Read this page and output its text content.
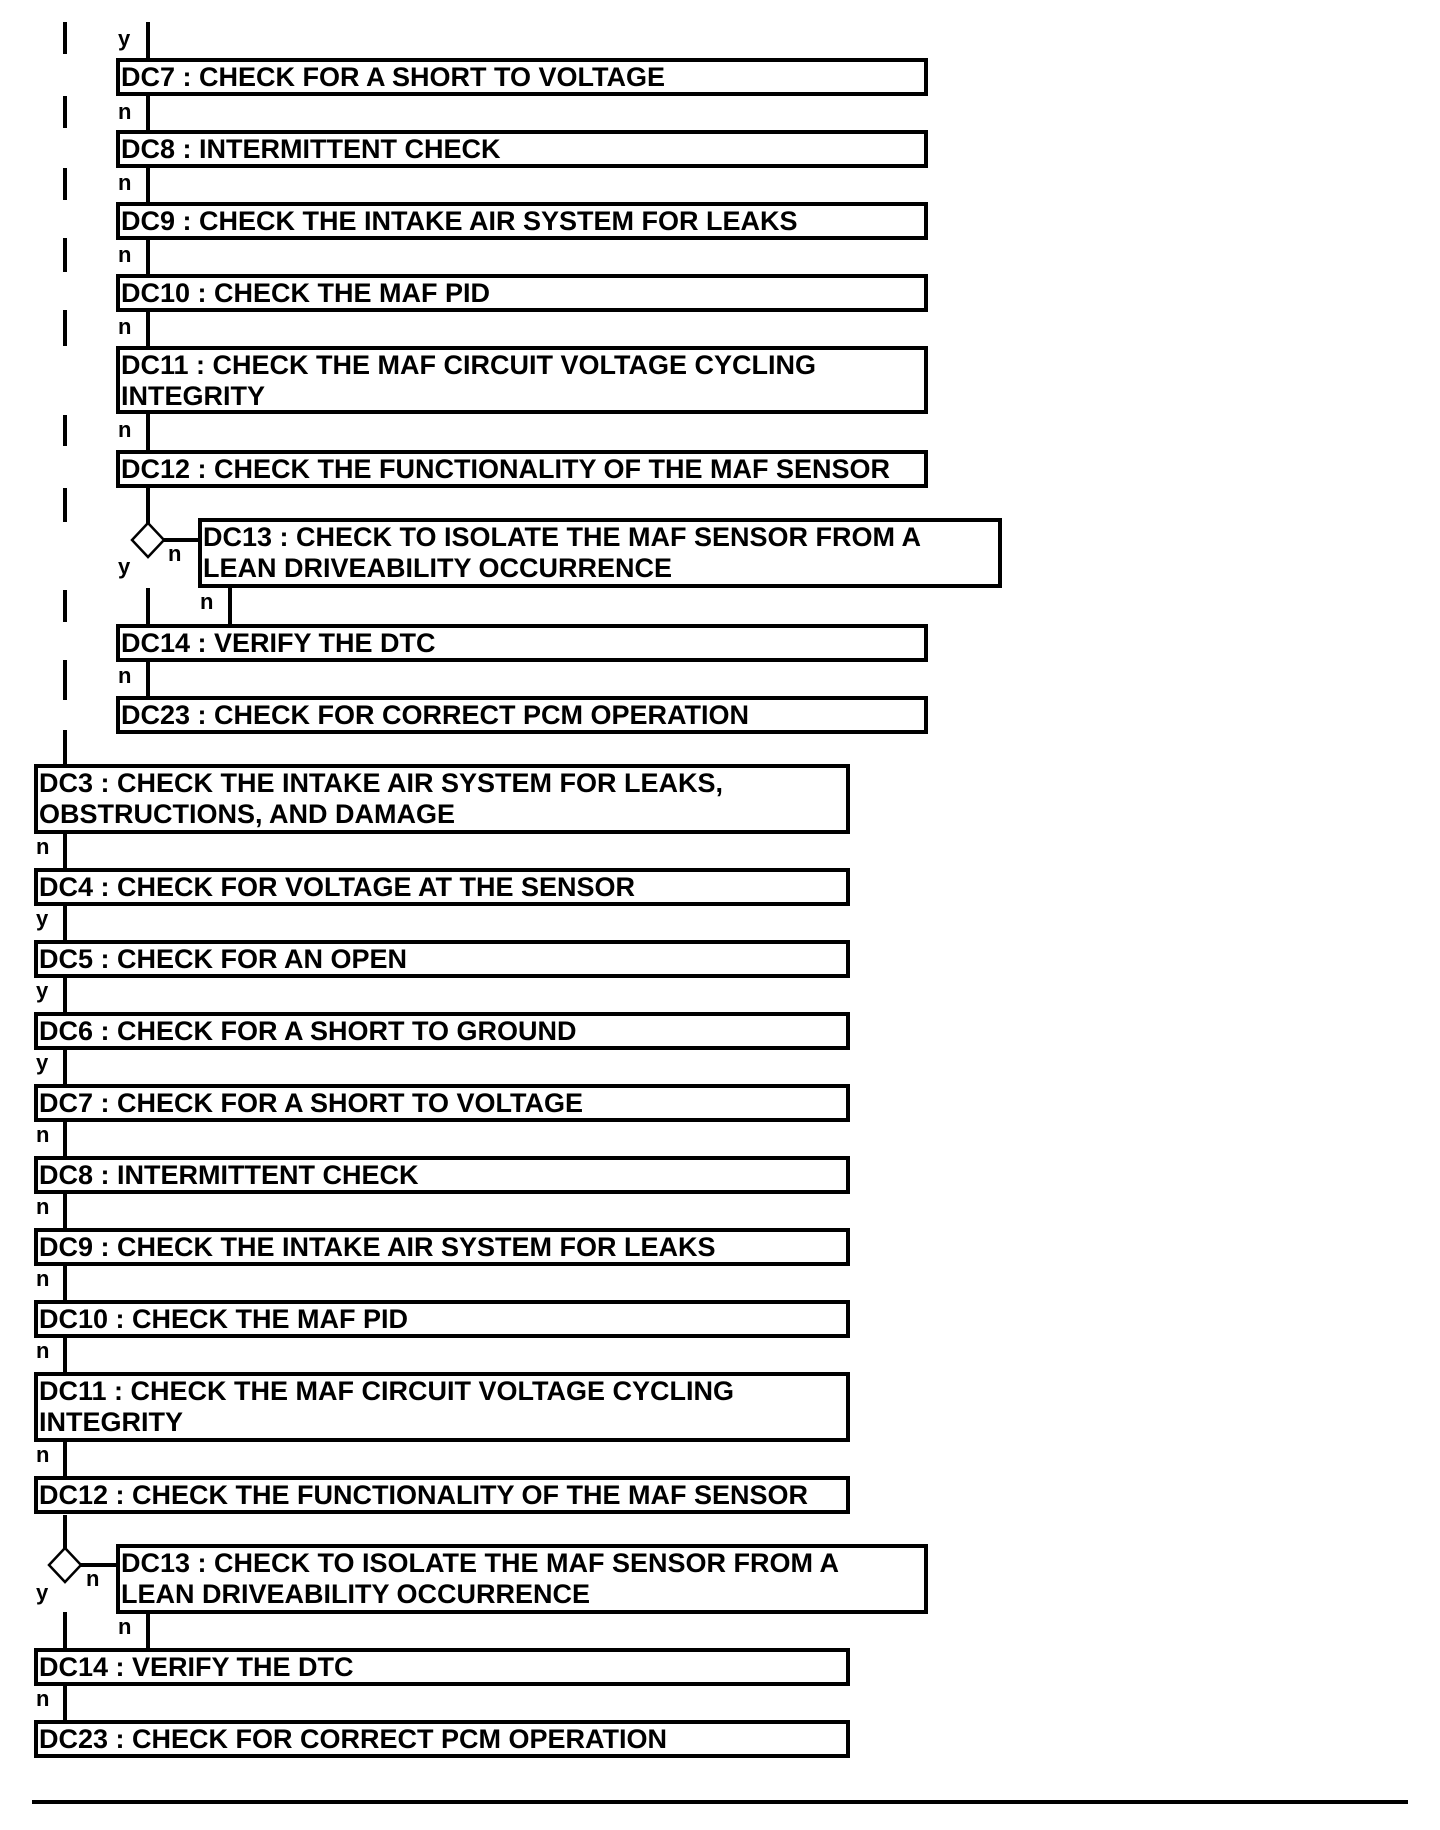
DC7 : CHECK FOR A SHORT TO VOLTAGE
DC8 : INTERMITTENT CHECK
DC9 : CHECK THE INTAKE AIR SYSTEM FOR LEAKS
DC10 : CHECK THE MAF PID
DC11 : CHECK THE MAF CIRCUIT VOLTAGE CYCLING
INTEGRITY
DC12 : CHECK THE FUNCTIONALITY OF THE MAF SENSOR
DC13 : CHECK TO ISOLATE THE MAF SENSOR FROM A
LEAN DRIVEABILITY OCCURRENCE
DC14 : VERIFY THE DTC
DC23 : CHECK FOR CORRECT PCM OPERATION
y
n
n
n
n
n
n
y
n
n
DC3 : CHECK THE INTAKE AIR SYSTEM FOR LEAKS,
OBSTRUCTIONS, AND DAMAGE
DC4 : CHECK FOR VOLTAGE AT THE SENSOR
DC5 : CHECK FOR AN OPEN
DC6 : CHECK FOR A SHORT TO GROUND
DC7 : CHECK FOR A SHORT TO VOLTAGE
DC8 : INTERMITTENT CHECK
DC9 : CHECK THE INTAKE AIR SYSTEM FOR LEAKS
DC10 : CHECK THE MAF PID
DC11 : CHECK THE MAF CIRCUIT VOLTAGE CYCLING
INTEGRITY
DC12 : CHECK THE FUNCTIONALITY OF THE MAF SENSOR
DC13 : CHECK TO ISOLATE THE MAF SENSOR FROM A
LEAN DRIVEABILITY OCCURRENCE
DC14 : VERIFY THE DTC
DC23 : CHECK FOR CORRECT PCM OPERATION
n
y
y
y
n
n
n
n
n
n
y
n
n
